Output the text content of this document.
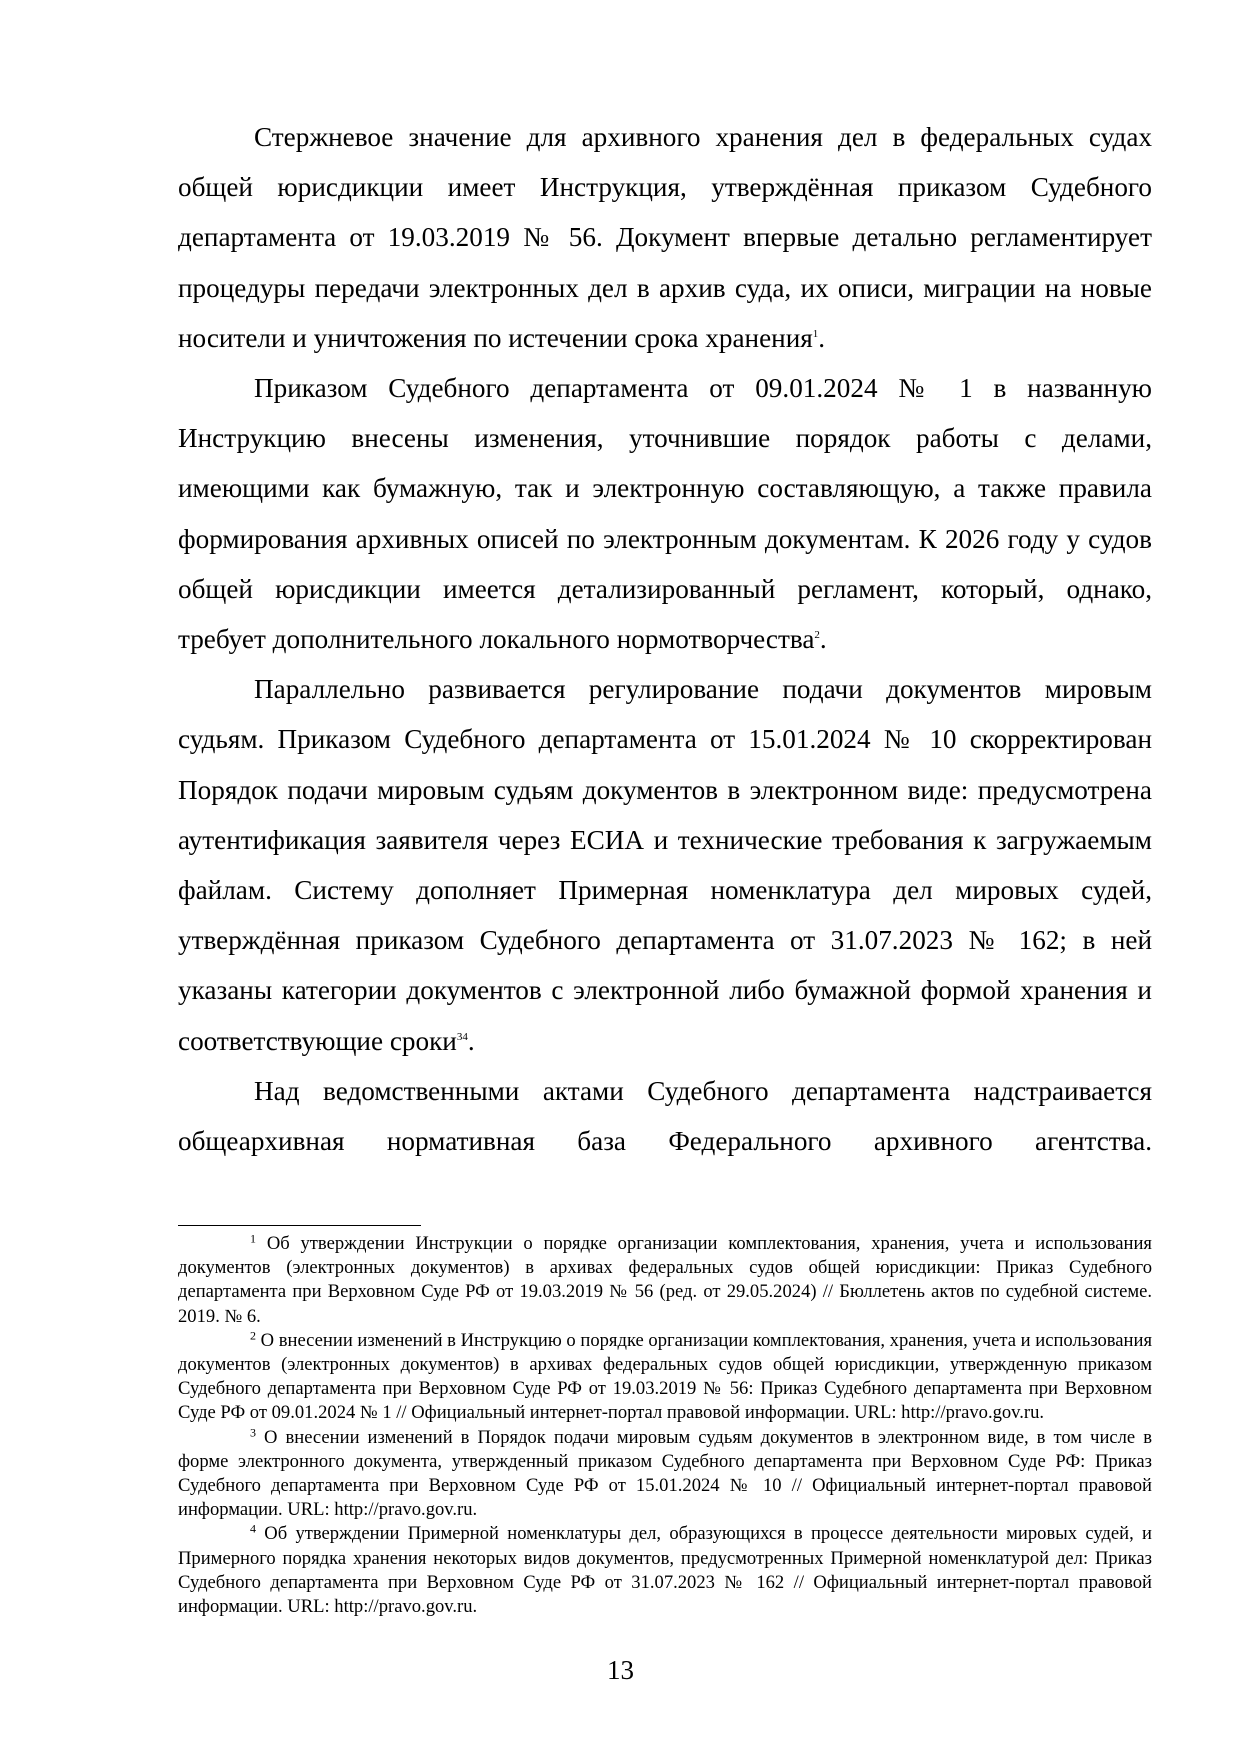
Стержневое значение для архивного хранения дел в федеральных судах общей юрисдикции имеет Инструкция, утверждённая приказом Судебного департамента от 19.03.2019 № 56. Документ впервые детально регламентирует процедуры передачи электронных дел в архив суда, их описи, миграции на новые носители и уничтожения по истечении срока хранения$^1$.

Приказом Судебного департамента от 09.01.2024 № 1 в названную Инструкцию внесены изменения, уточнившие порядок работы с делами, имеющими как бумажную, так и электронную составляющую, а также правила формирования архивных описей по электронным документам. К 2026 году у судов общей юрисдикции имеется детализированный регламент, который, однако, требует дополнительного локального нормотворчества$^2$.

Параллельно развивается регулирование подачи документов мировым судьям. Приказом Судебного департамента от 15.01.2024 № 10 скорректирован Порядок подачи мировым судьям документов в электронном виде: предусмотрена аутентификация заявителя через ЕСИА и технические требования к загружаемым файлам. Систему дополняет Примерная номенклатура дел мировых судей, утверждённая приказом Судебного департамента от 31.07.2023 № 162; в ней указаны категории документов с электронной либо бумажной формой хранения и соответствующие сроки$^{34}$.

Над ведомственными актами Судебного департамента надстраивается общеархивная нормативная база Федерального архивного агентства.

$^1$ Об утверждении Инструкции о порядке организации комплектования, хранения, учета и использования документов (электронных документов) в архивах федеральных судов общей юрисдикции: Приказ Судебного департамента при Верховном Суде РФ от 19.03.2019 № 56 (ред. от 29.05.2024) // Бюллетень актов по судебной системе. 2019. № 6.

$^2$ О внесении изменений в Инструкцию о порядке организации комплектования, хранения, учета и использования документов (электронных документов) в архивах федеральных судов общей юрисдикции, утвержденную приказом Судебного департамента при Верховном Суде РФ от 19.03.2019 № 56: Приказ Судебного департамента при Верховном Суде РФ от 09.01.2024 № 1 // Официальный интернет-портал правовой информации. URL: http://pravo.gov.ru.

$^3$ О внесении изменений в Порядок подачи мировым судьям документов в электронном виде, в том числе в форме электронного документа, утвержденный приказом Судебного департамента при Верховном Суде РФ: Приказ Судебного департамента при Верховном Суде РФ от 15.01.2024 № 10 // Официальный интернет-портал правовой информации. URL: http://pravo.gov.ru.

$^4$ Об утверждении Примерной номенклатуры дел, образующихся в процессе деятельности мировых судей, и Примерного порядка хранения некоторых видов документов, предусмотренных Примерной номенклатурой дел: Приказ Судебного департамента при Верховном Суде РФ от 31.07.2023 № 162 // Официальный интернет-портал правовой информации. URL: http://pravo.gov.ru.

13
